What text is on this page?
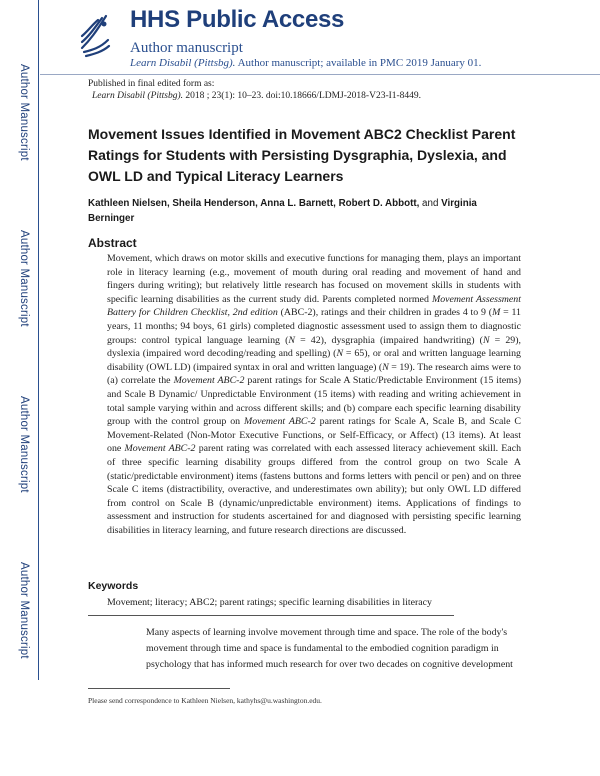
Author Manuscript
Author Manuscript
Author Manuscript
Author Manuscript
HHS Public Access
Author manuscript
Learn Disabil (Pittsbg). Author manuscript; available in PMC 2019 January 01.
Published in final edited form as:
Learn Disabil (Pittsbg). 2018 ; 23(1): 10–23. doi:10.18666/LDMJ-2018-V23-I1-8449.
Movement Issues Identified in Movement ABC2 Checklist Parent Ratings for Students with Persisting Dysgraphia, Dyslexia, and OWL LD and Typical Literacy Learners
Kathleen Nielsen, Sheila Henderson, Anna L. Barnett, Robert D. Abbott, and Virginia Berninger
Abstract
Movement, which draws on motor skills and executive functions for managing them, plays an important role in literacy learning (e.g., movement of mouth during oral reading and movement of hand and fingers during writing); but relatively little research has focused on movement skills in students with specific learning disabilities as the current study did. Parents completed normed Movement Assessment Battery for Children Checklist, 2nd edition (ABC-2), ratings and their children in grades 4 to 9 (M = 11 years, 11 months; 94 boys, 61 girls) completed diagnostic assessment used to assign them to diagnostic groups: control typical language learning (N = 42), dysgraphia (impaired handwriting) (N = 29), dyslexia (impaired word decoding/reading and spelling) (N = 65), or oral and written language learning disability (OWL LD) (impaired syntax in oral and written language) (N = 19). The research aims were to (a) correlate the Movement ABC-2 parent ratings for Scale A Static/Predictable Environment (15 items) and Scale B Dynamic/ Unpredictable Environment (15 items) with reading and writing achievement in total sample varying within and across different skills; and (b) compare each specific learning disability group with the control group on Movement ABC-2 parent ratings for Scale A, Scale B, and Scale C Movement-Related (Non-Motor Executive Functions, or Self-Efficacy, or Affect) (13 items). At least one Movement ABC-2 parent rating was correlated with each assessed literacy achievement skill. Each of three specific learning disability groups differed from the control group on two Scale A (static/predictable environment) items (fastens buttons and forms letters with pencil or pen) and on three Scale C items (distractibility, overactive, and underestimates own ability); but only OWL LD differed from control on Scale B (dynamic/unpredictable environment) items. Applications of findings to assessment and instruction for students ascertained for and diagnosed with persisting specific learning disabilities in literacy learning, and future research directions are discussed.
Keywords
Movement; literacy; ABC2; parent ratings; specific learning disabilities in literacy
Many aspects of learning involve movement through time and space. The role of the body's movement through time and space is fundamental to the embodied cognition paradigm in psychology that has informed much research for over two decades on cognitive development
Please send correspondence to Kathleen Nielsen, kathyhs@u.washington.edu.
